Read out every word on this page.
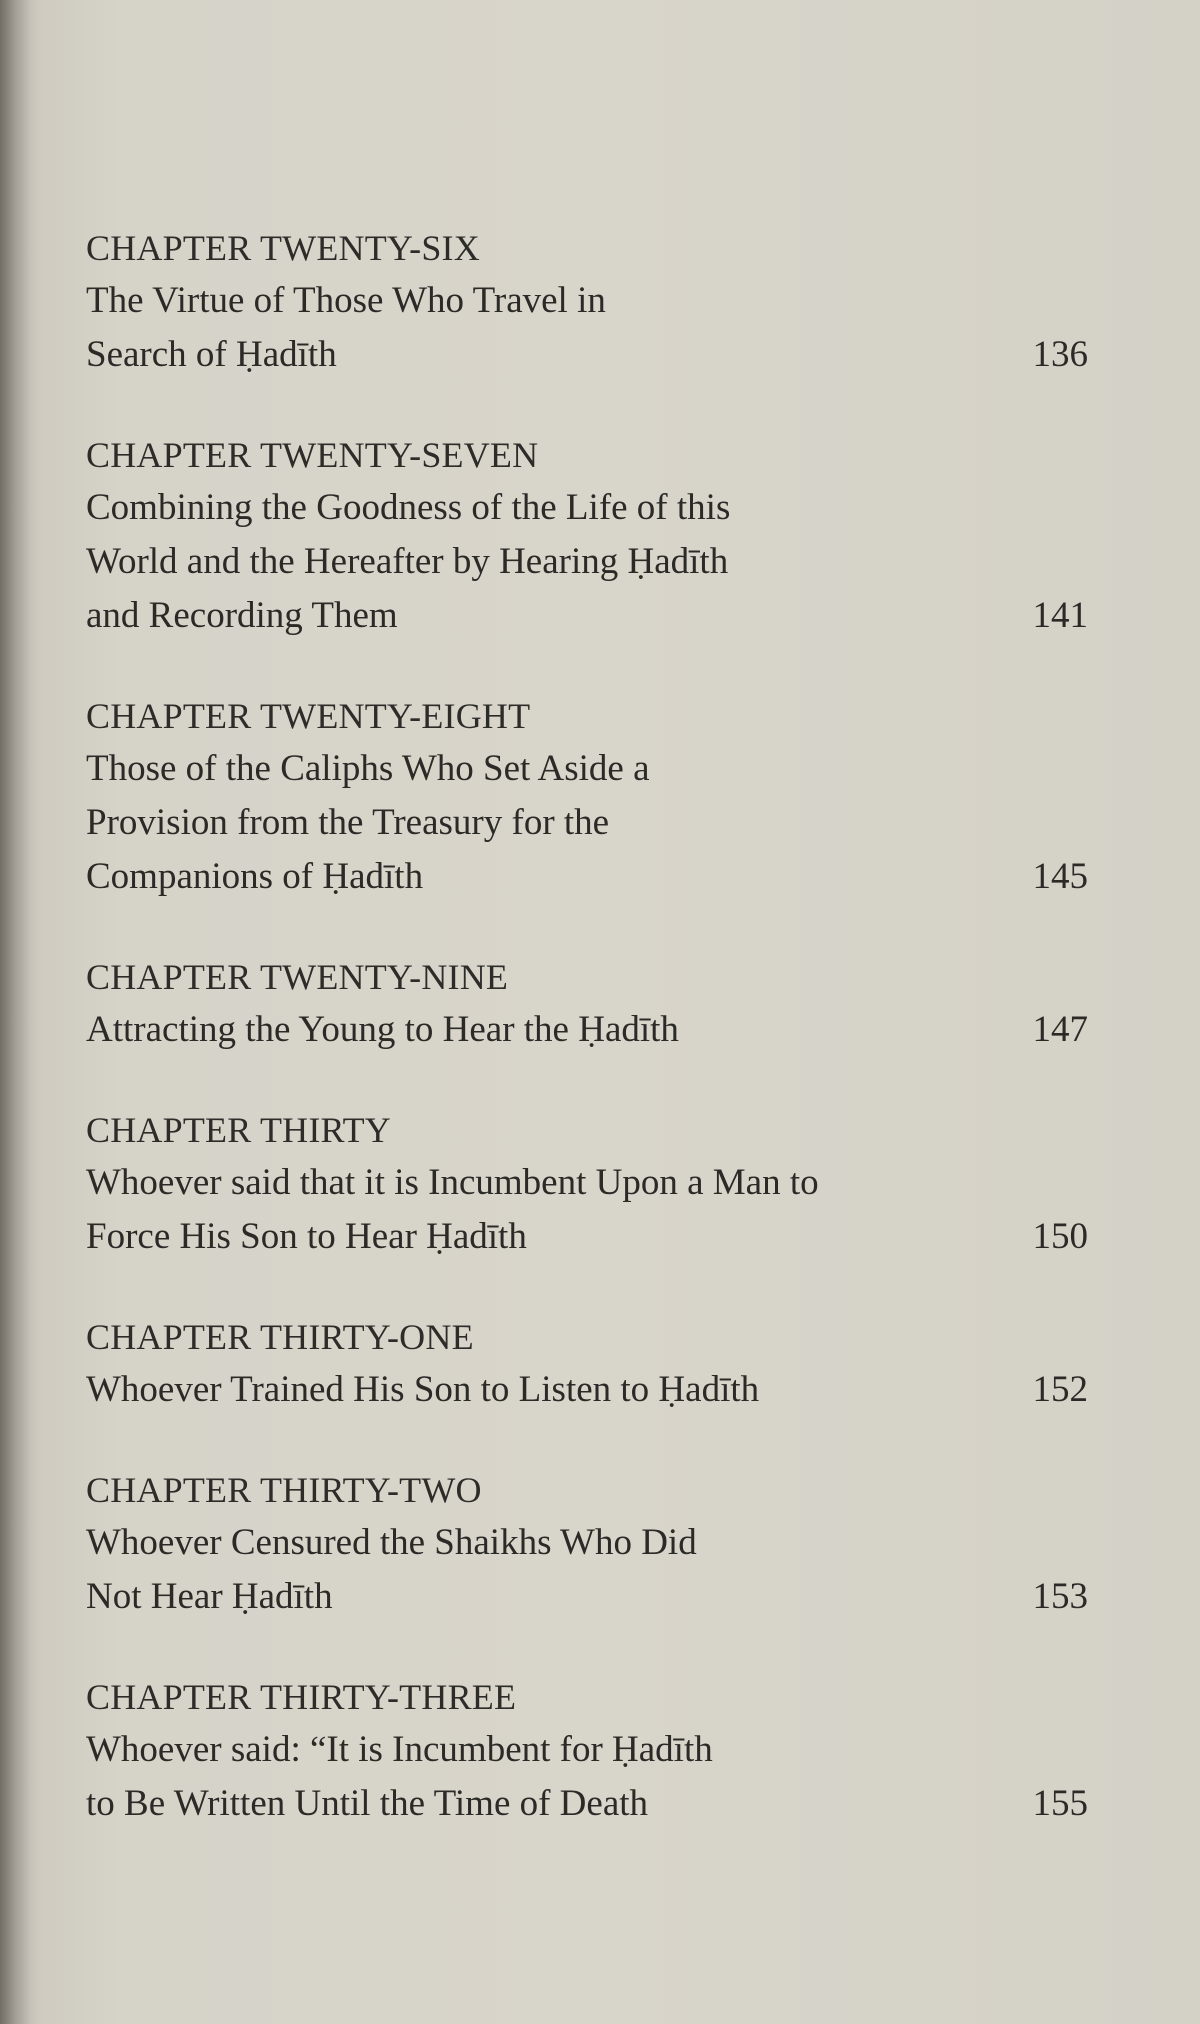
CHAPTER TWENTY-SIX
The Virtue of Those Who Travel in
Search of Ḥadīth	136
CHAPTER TWENTY-SEVEN
Combining the Goodness of the Life of this
World and the Hereafter by Hearing Ḥadīth
and Recording Them	141
CHAPTER TWENTY-EIGHT
Those of the Caliphs Who Set Aside a
Provision from the Treasury for the
Companions of Ḥadīth	145
CHAPTER TWENTY-NINE
Attracting the Young to Hear the Ḥadīth	147
CHAPTER THIRTY
Whoever said that it is Incumbent Upon a Man to
Force His Son to Hear Ḥadīth	150
CHAPTER THIRTY-ONE
Whoever Trained His Son to Listen to Ḥadīth	152
CHAPTER THIRTY-TWO
Whoever Censured the Shaikhs Who Did
Not Hear Ḥadīth	153
CHAPTER THIRTY-THREE
Whoever said: “It is Incumbent for Ḥadīth
to Be Written Until the Time of Death	155
